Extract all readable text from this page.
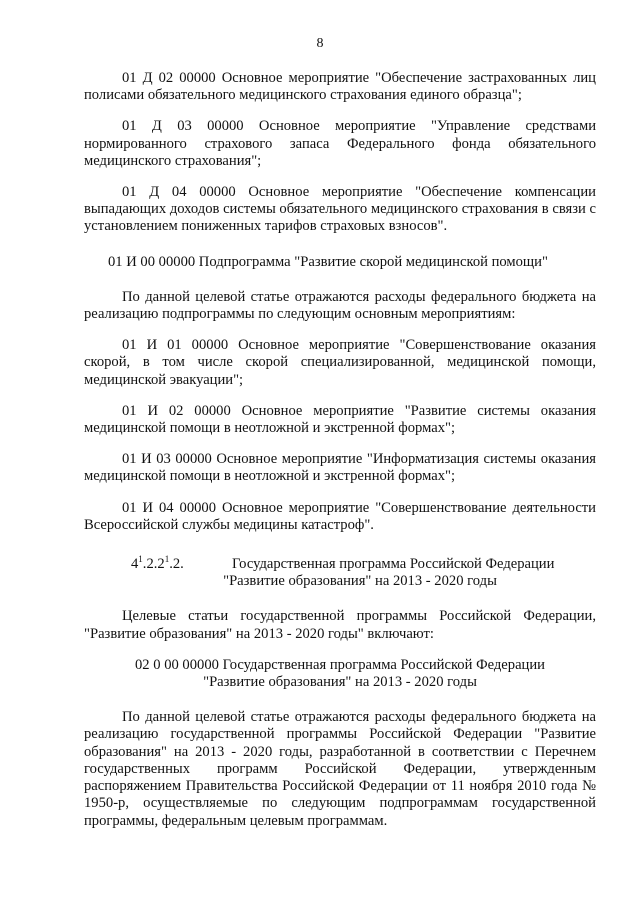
8

01 Д 02 00000 Основное мероприятие "Обеспечение застрахованных лиц полисами обязательного медицинского страхования единого образца";

01 Д 03 00000 Основное мероприятие "Управление средствами нормированного страхового запаса Федерального фонда обязательного медицинского страхования";

01 Д 04 00000 Основное мероприятие "Обеспечение компенсации выпадающих доходов системы обязательного медицинского страхования в связи с установлением пониженных тарифов страховых взносов".

01 И 00 00000 Подпрограмма "Развитие скорой медицинской помощи"

По данной целевой статье отражаются расходы федерального бюджета на реализацию подпрограммы по следующим основным мероприятиям:

01 И 01 00000 Основное мероприятие "Совершенствование оказания скорой, в том числе скорой специализированной, медицинской помощи, медицинской эвакуации";

01 И 02 00000 Основное мероприятие "Развитие системы оказания медицинской помощи в неотложной и экстренной формах";

01 И 03 00000 Основное мероприятие "Информатизация системы оказания медицинской помощи в неотложной и экстренной формах";

01 И 04 00000 Основное мероприятие "Совершенствование деятельности Всероссийской службы медицины катастроф".

$4^1.2.2^1.2$.	Государственная программа Российской Федерации
"Развитие образования" на 2013 - 2020 годы

Целевые статьи государственной программы Российской Федерации, "Развитие образования" на 2013 - 2020 годы" включают:

02 0 00 00000 Государственная программа Российской Федерации

"Развитие образования" на 2013 - 2020 годы

По данной целевой статье отражаются расходы федерального бюджета на реализацию государственной программы Российской Федерации "Развитие образования" на 2013 - 2020 годы, разработанной в соответствии с Перечнем государственных программ Российской Федерации, утвержденным распоряжением Правительства Российской Федерации от 11 ноября 2010 года № 1950-р, осуществляемые по следующим подпрограммам государственной программы, федеральным целевым программам.
